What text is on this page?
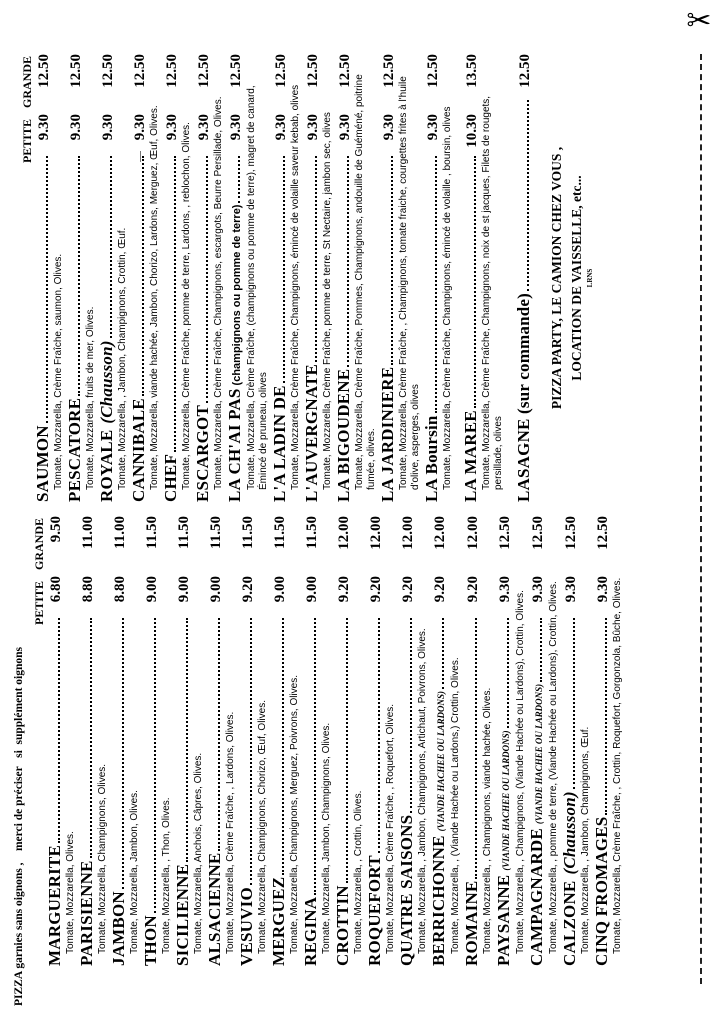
PIZZA garnies sans oignons ,    merci de préciser   si  supplément oignons
PETITE GRANDE
MARGUERITE
6.80
9.50
Tomate, Mozzarella, Olives. PARISIENNE
8.80
11.00
Tomate, Mozzarella, Champignons, Olives. JAMBON
8.80
11.00
Tomate, Mozzarella, Jambon, Olives. THON
9.00
11.50
Tomate, Mozzarella, , Thon, Olives. SICILIENNE
9.00
11.50
Tomate, Mozzarella, Anchois, Câpres, Olives. ALSACIENNE
9.00
11.50
Tomate, Mozzarella, Crème Fraîche, , Lardons, Olives. VESUVIO
9.20
11.50
Tomate, Mozzarella, Champignons, Chorizo, Œuf, Olives. MERGUEZ
9.00
11.50
Tomate, Mozzarella, Champignons, Merguez, Poivrons, Olives. REGINA
9.00
11.50
Tomate, Mozzarella, Jambon, Champignons, Olives. CROTTIN
9.20
12.00
Tomate, Mozzarella, , Crottin, Olives. ROQUEFORT
9.20
12.00
Tomate, Mozzarella, Crème Fraîche, , Roquefort, Olives. QUATRE SAISONS
9.20
12.00
Tomate, Mozzarella, , Jambon, Champignons, Artichaut, Poivrons, Olives. BERRICHONNE(VIANDE HACHEE OU LARDONS)
9.20
12.00
Tomate, Mozzarella, , (Viande Hachée ou Lardons,) Crottin, Olives. ROMAINE
9.20
12.00
Tomate, Mozzarella, , Champignons, viande hachée, Olives. PAYSANNE(VIANDE HACHEE OU LARDONS)
9.30
12.50
Tomate, Mozzarella, , Champignons, (Viande Hachée ou Lardons), Crottin, Olives. CAMPAGNARDE(VIANDE HACHEE OU LARDONS)
9.30
12.50
Tomate, Mozzarella, , pomme de terre, (Viande Hachée ou Lardons), Crottin, Olives. CALZONE(Chausson)
9.30
12.50
Tomate, Mozzarella, , Jambon, Champignons, Œuf. CINQ FROMAGES
9.30
12.50
Tomate, Mozzarella, Crème Fraîche, , Crottin, Roquefort, Gorgonzola, Bûche, Olives.
PETITE GRANDE
SAUMON
9.30
12.50
Tomate, Mozzarella, Crème Fraîche, saumon, Olives. PESCATORE
9.30
12.50
Tomate, Mozzarella, fruits de mer, Olives. ROYALE(Chausson)
9.30
12.50
Tomate, Mozzarella, , Jambon, Champignons, Crottin, Œuf. CANNIBALE
9.30
12.50
Tomate, Mozzarella, viande hachée, Jambon, Chorizo, Lardons, Merguez, Œuf, Olives. CHEF
9.30
12.50
Tomate, Mozzarella, Crème Fraîche, pomme de terre, Lardons, , reblochon, Olives. ESCARGOT
9.30
12.50
Tomate, Mozzarella, Crème Fraîche, Champignons, escargots, Beurre Persillade, Olives. LA CH'AI PAS(champignons ou pomme de terre)
9.30
12.50
Tomate, Mozzarella, Crème Fraîche, (champignons ou pomme de terre), magret de canard, Émincé de pruneau, olives L'A LADIN DE
9.30
12.50
Tomate, Mozzarella, Crème Fraîche, Champignons, émincé de volaille saveur kebab, olives L'AUVERGNATE
9.30
12.50
Tomate, Mozzarella, Crème Fraîche, pomme de terre, St Nectaire, jambon sec, olives LA BIGOUDENE
9.30
12.50
Tomate, Mozzarella, Crème Fraîche, Pommes, Champignons, andouille de Guéméné, poitrine fumée, olives. LA JARDINIERE
9.30
12.50
Tomate, Mozzarella, Crème Fraîche, , Champignons, tomate fraiche, courgettes frites à l'huile d'olive, asperges, olives LA Boursin
9.30
12.50
Tomate, Mozzarella, Crème Fraîche, Champignons, émincé de volaille , boursin, olives LA MAREE
10.30
13.50
Tomate, Mozzarella, Crème Fraîche, Champignons, noix de st jacques, Filets de rougets, persillade, olives LASAGNE (sur commande)
12.50
PIZZA PARTY, LE CAMION CHEZ VOUS , LOCATION DE VAISSELLE, etc... LRNS
✂
